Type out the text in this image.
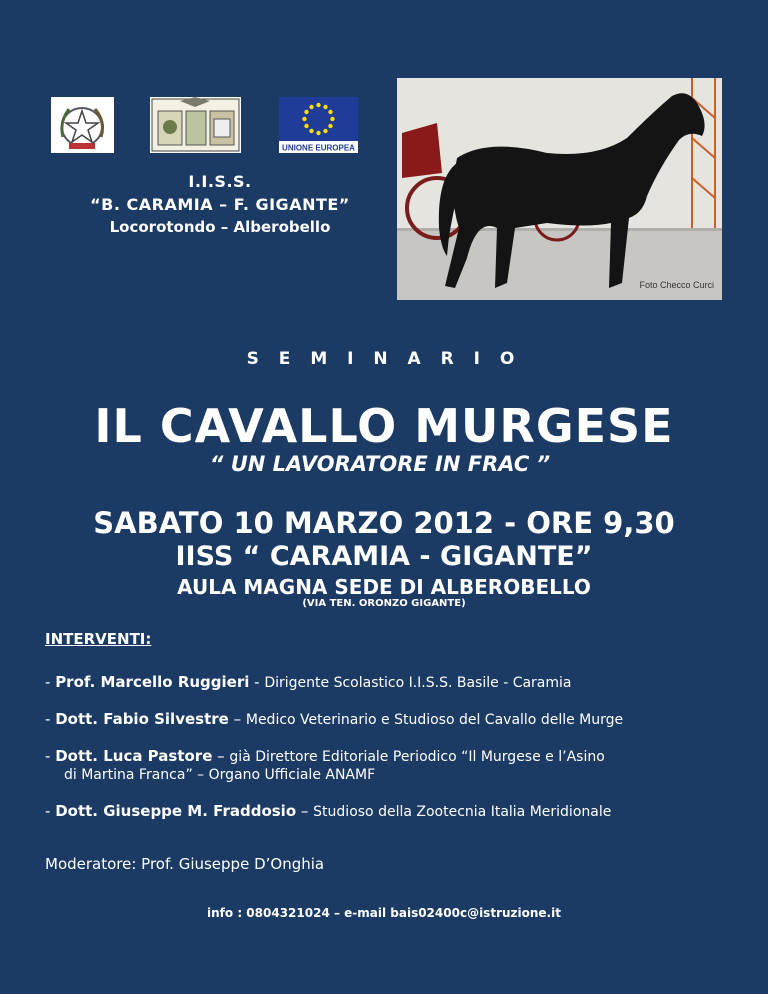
UNIONE EUROPEA
I.I.S.S.
“B. CARAMIA – F. GIGANTE”
Locorotondo – Alberobello
Foto Checco Curci
S E M I N A R I O
IL CAVALLO MURGESE
“ UN LAVORATORE IN FRAC ”
SABATO 10 MARZO 2012 - ORE 9,30
IISS “ CARAMIA - GIGANTE”
AULA MAGNA SEDE DI ALBEROBELLO
(VIA TEN. ORONZO GIGANTE)
INTERVENTI:
- Prof. Marcello Ruggieri - Dirigente Scolastico I.I.S.S. Basile - Caramia
- Dott. Fabio Silvestre – Medico Veterinario e Studioso del Cavallo delle Murge
- Dott. Luca Pastore – già Direttore Editoriale Periodico “Il Murgese e l’Asino
di Martina Franca” – Organo Ufficiale ANAMF
- Dott. Giuseppe M. Fraddosio – Studioso della Zootecnia Italia Meridionale
Moderatore: Prof. Giuseppe D’Onghia
info : 0804321024 – e-mail bais02400c@istruzione.it
